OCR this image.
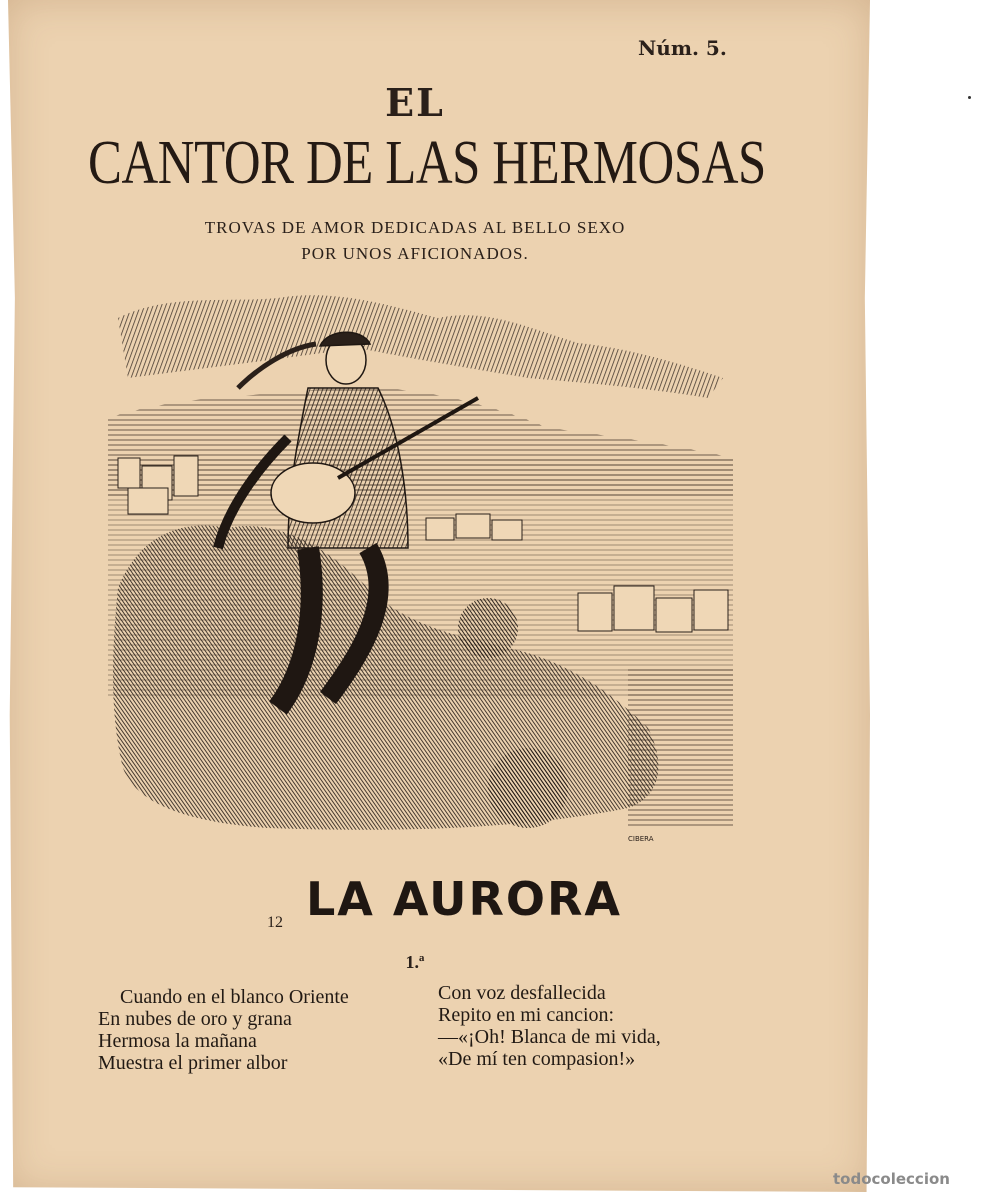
Núm. 5.
EL
CANTOR DE LAS HERMOSAS
TROVAS DE AMOR DEDICADAS AL BELLO SEXO
POR UNOS AFICIONADOS.
CIBERA
12 LA AURORA
1.ª
Cuando en el blanco Oriente
En nubes de oro y grana
Hermosa la mañana
Muestra el primer albor
Con voz desfallecida
Repito en mi cancion:
—«¡Oh! Blanca de mi vida,
«De mí ten compasion!»
todocoleccion
